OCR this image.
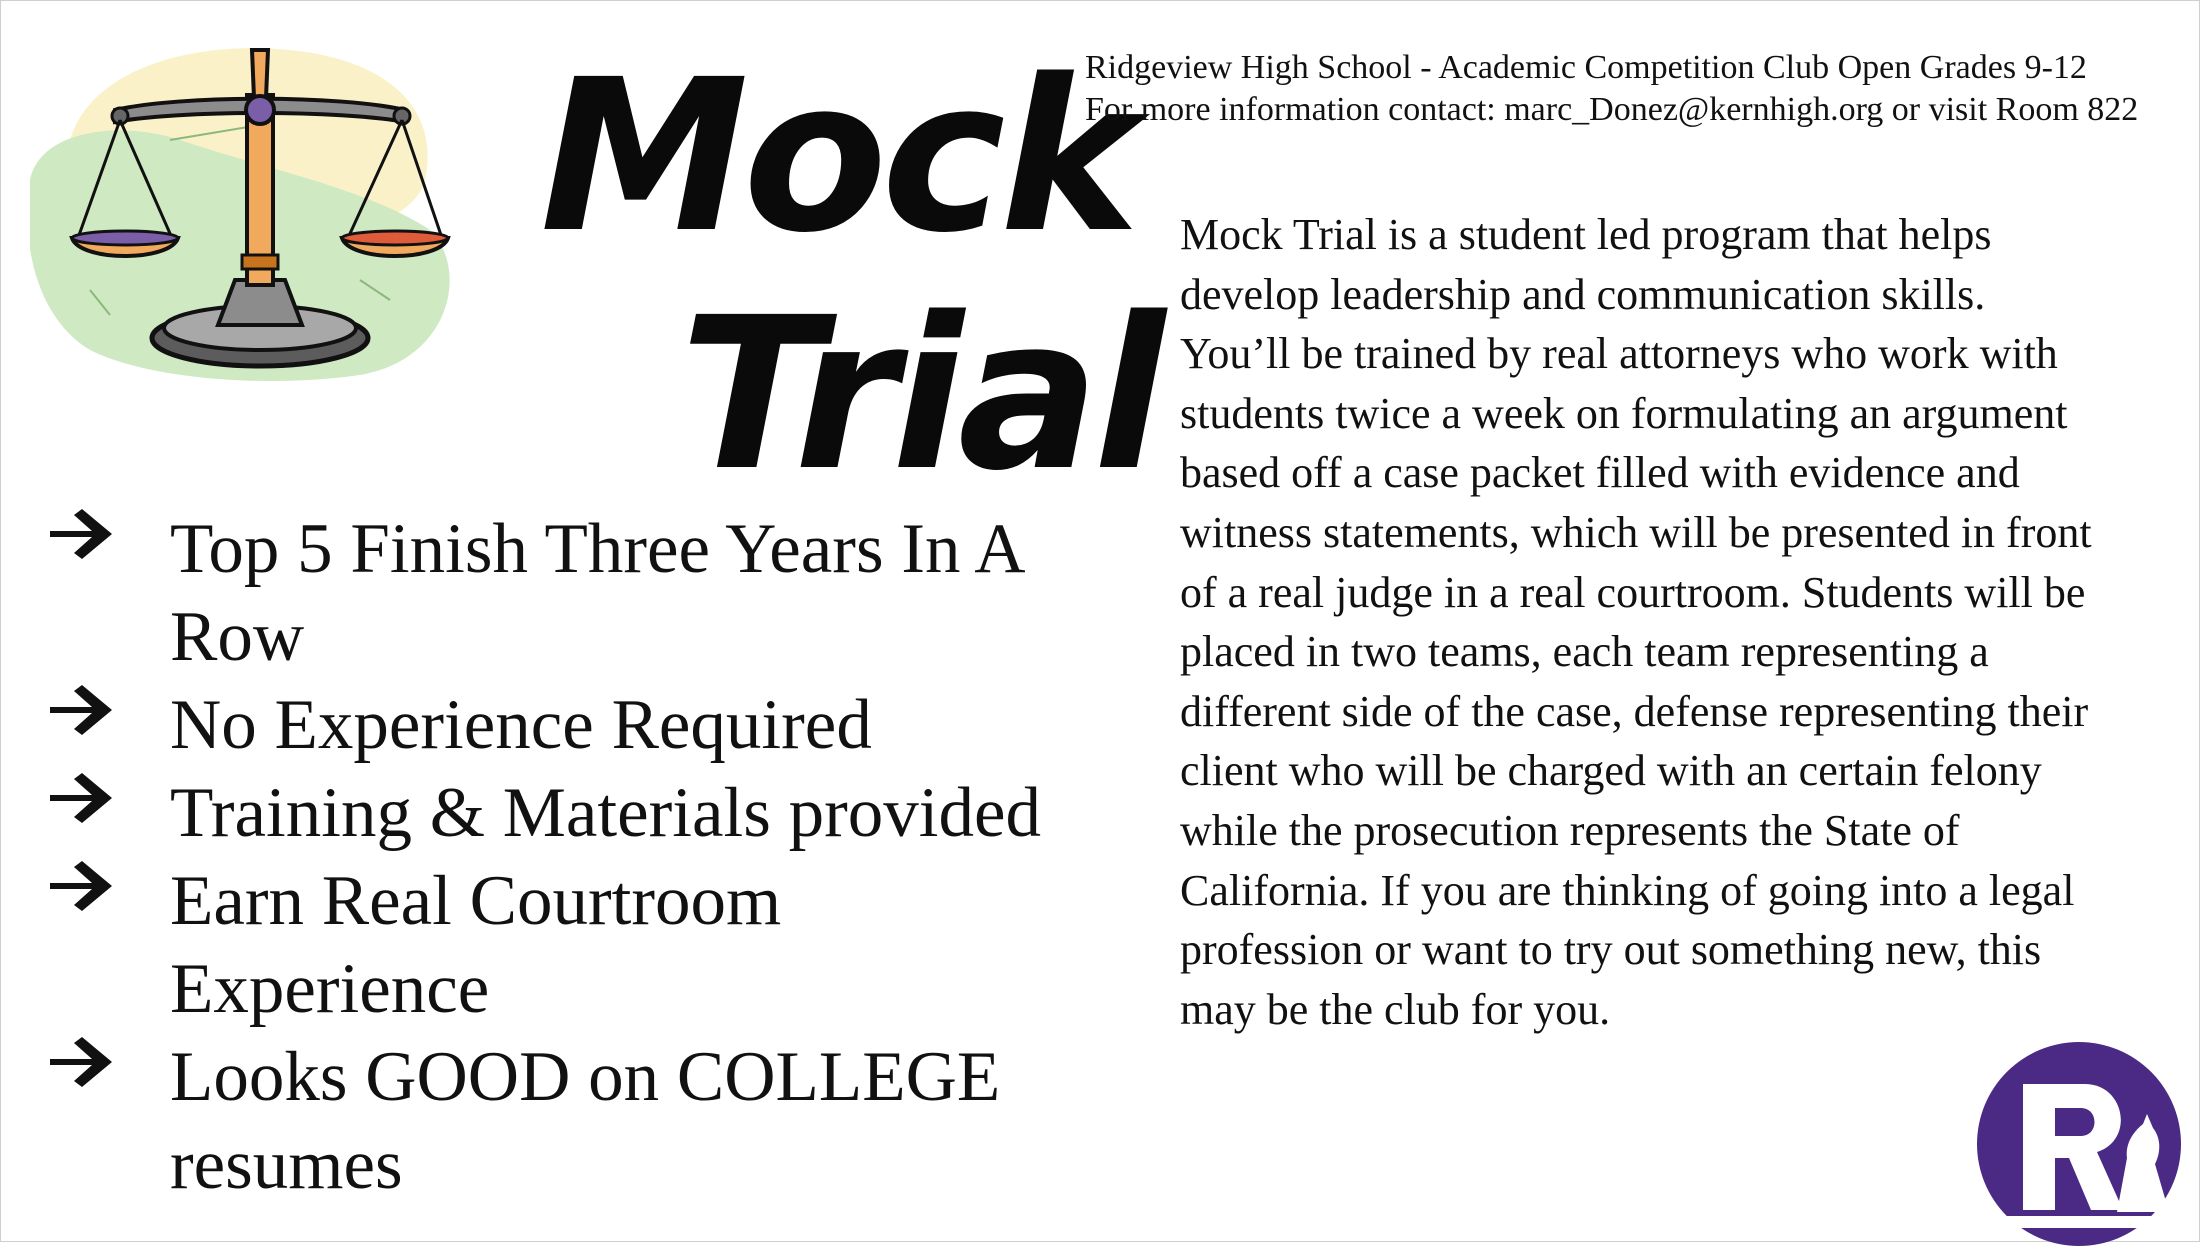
Mock
Trial
Ridgeview High School - Academic Competition Club Open Grades 9-12
For more information contact: marc_Donez@kernhigh.org or visit Room 822
Mock Trial is a student led program that helps develop leadership and communication skills. You’ll be trained by real attorneys who work with students twice a week on formulating an argument based off a case packet filled with evidence and witness statements, which will be presented in front of a real judge in a real courtroom. Students will be placed in two teams, each team representing a different side of the case, defense representing their client who will be charged with an certain felony while the prosecution represents the State of California. If you are thinking of going into a legal profession or want to try out something new, this may be the club for you.
Top 5 Finish Three Years In A Row
No Experience Required
Training & Materials provided
Earn Real Courtroom Experience
Looks GOOD on COLLEGE resumes
